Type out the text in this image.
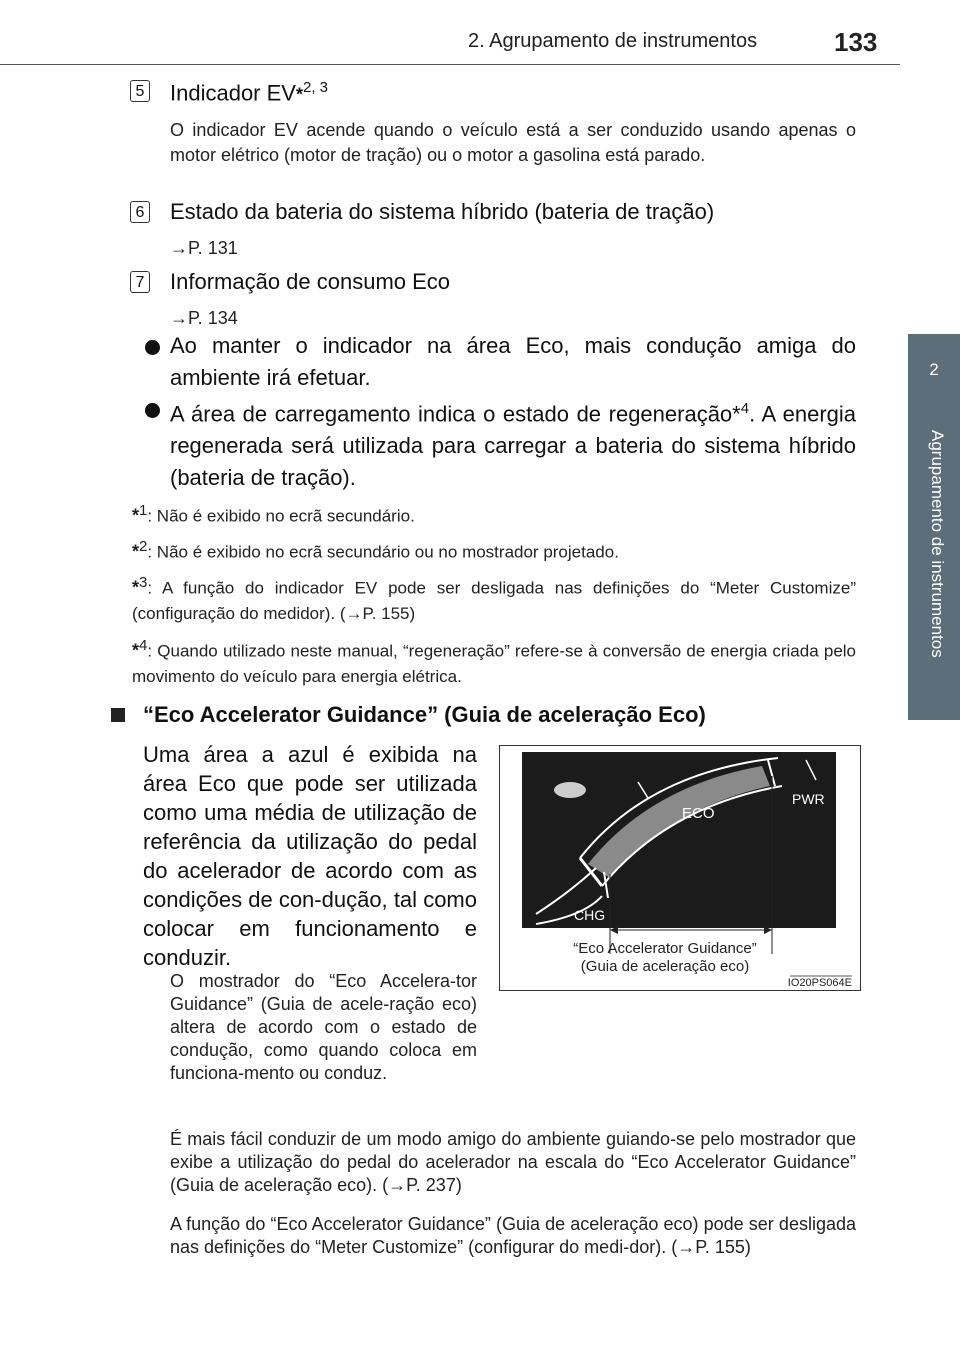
2. Agrupamento de instrumentos	133
2
Agrupamento de instrumentos
5 Indicador EV*$^{2, 3}$
O indicador EV acende quando o veículo está a ser conduzido usando apenas o motor elétrico (motor de tração) ou o motor a gasolina está parado.
6 Estado da bateria do sistema híbrido (bateria de tração)
→P. 131
7 Informação de consumo Eco
→P. 134
Ao manter o indicador na área Eco, mais condução amiga do ambiente irá efetuar.
A área de carregamento indica o estado de regeneração*$^4$. A energia regenerada será utilizada para carregar a bateria do sistema híbrido (bateria de tração).
*1: Não é exibido no ecrã secundário.
*2: Não é exibido no ecrã secundário ou no mostrador projetado.
*3: A função do indicador EV pode ser desligada nas definições do “Meter Customize” (configuração do medidor). (→P. 155)
*4: Quando utilizado neste manual, “regeneração” refere-se à conversão de energia criada pelo movimento do veículo para energia elétrica.
“Eco Accelerator Guidance” (Guia de aceleração Eco)
Uma área a azul é exibida na área Eco que pode ser utilizada como uma média de utilização de referência da utilização do pedal do acelerador de acordo com as condições de con-dução, tal como colocar em funcionamento e conduzir.
O mostrador do “Eco Accelera-tor Guidance” (Guia de acele-ração eco) altera de acordo com o estado de condução, como quando coloca em funciona-mento ou conduz.
ECO
PWR
CHG
“Eco Accelerator Guidance”
(Guia de aceleração eco)
IO20PS064E
É mais fácil conduzir de um modo amigo do ambiente guiando-se pelo mostrador que exibe a utilização do pedal do acelerador na escala do “Eco Accelerator Guidance” (Guia de aceleração eco). (→P. 237)
A função do “Eco Accelerator Guidance” (Guia de aceleração eco) pode ser desligada nas definições do “Meter Customize” (configurar do medi-dor). (→P. 155)
